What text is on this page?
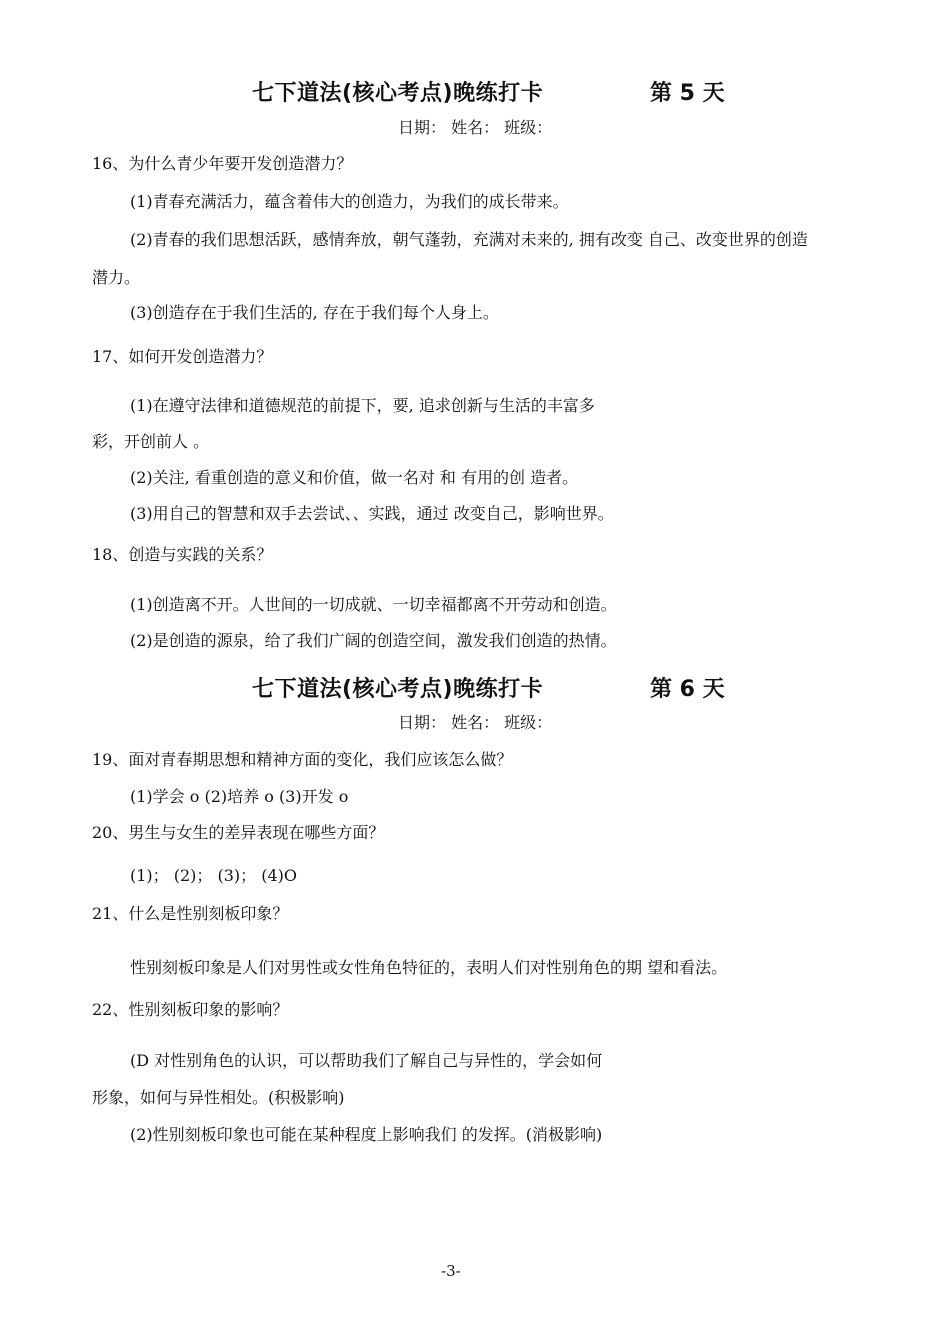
七下道法(核心考点)晚练打卡	第 5 天
日期： 姓名： 班级：
16、为什么青少年要开发创造潜力？
(1)青春充满活力，蕴含着伟大的创造力，为我们的成长带来。
(2)青春的我们思想活跃，感情奔放，朝气蓬勃，充满对未来的, 拥有改变 自己、改变世界的创造
潜力。
(3)创造存在于我们生活的, 存在于我们每个人身上。
17、如何开发创造潜力？
(1)在遵守法律和道德规范的前提下，要, 追求创新与生活的丰富多
彩，开创前人 。
(2)关注, 看重创造的意义和价值，做一名对 和 有用的创 造者。
(3)用自己的智慧和双手去尝试、、实践，通过 改变自己，影响世界。
18、创造与实践的关系？
(1)创造离不开。人世间的一切成就、一切幸福都离不开劳动和创造。
(2)是创造的源泉，给了我们广阔的创造空间，激发我们创造的热情。
七下道法(核心考点)晚练打卡	第 6 天
日期： 姓名： 班级：
19、面对青春期思想和精神方面的变化，我们应该怎么做？
(1)学会 o (2)培养 o (3)开发 o
20、男生与女生的差异表现在哪些方面？
(1)； (2)； (3)； (4)O
21、什么是性别刻板印象？
性别刻板印象是人们对男性或女性角色特征的，表明人们对性别角色的期 望和看法。
22、性别刻板印象的影响？
(D 对性别角色的认识，可以帮助我们了解自己与异性的，学会如何
形象，如何与异性相处。(积极影响)
(2)性别刻板印象也可能在某种程度上影响我们 的发挥。(消极影响)
-3-
